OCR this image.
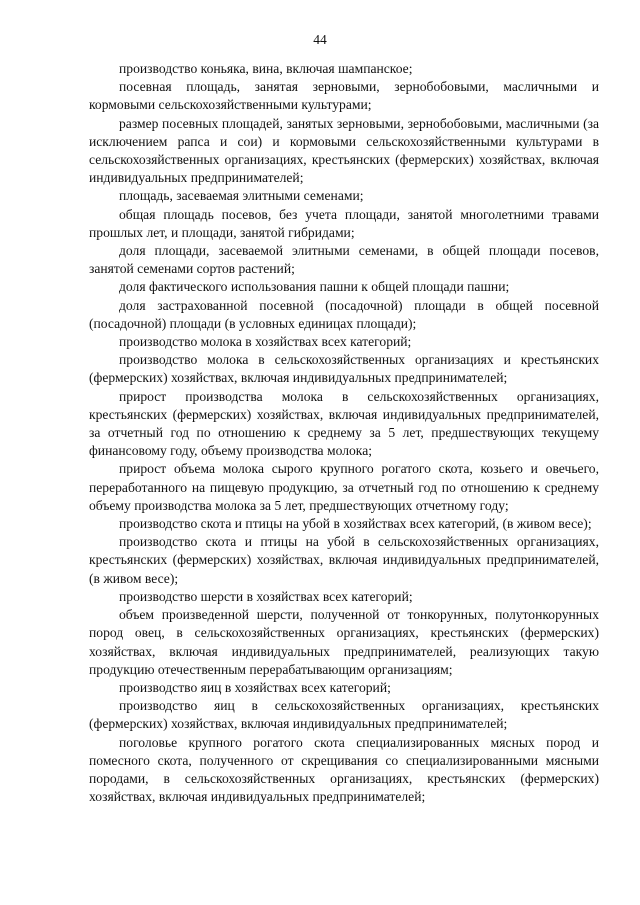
44

производство коньяка, вина, включая шампанское;

посевная площадь, занятая зерновыми, зернобобовыми, масличными и кормовыми сельскохозяйственными культурами;

размер посевных площадей, занятых зерновыми, зернобобовыми, масличными (за исключением рапса и сои) и кормовыми сельскохозяйственными культурами в сельскохозяйственных организациях, крестьянских (фермерских) хозяйствах, включая индивидуальных предпринимателей;

площадь, засеваемая элитными семенами;

общая площадь посевов, без учета площади, занятой многолетними травами прошлых лет, и площади, занятой гибридами;

доля площади, засеваемой элитными семенами, в общей площади посевов, занятой семенами сортов растений;

доля фактического использования пашни к общей площади пашни;

доля застрахованной посевной (посадочной) площади в общей посевной (посадочной) площади (в условных единицах площади);

производство молока в хозяйствах всех категорий;

производство молока в сельскохозяйственных организациях и крестьянских (фермерских) хозяйствах, включая индивидуальных предпринимателей;

прирост производства молока в сельскохозяйственных организациях, крестьянских (фермерских) хозяйствах, включая индивидуальных предпринимателей, за отчетный год по отношению к среднему за 5 лет, предшествующих текущему финансовому году, объему производства молока;

прирост объема молока сырого крупного рогатого скота, козьего и овечьего, переработанного на пищевую продукцию, за отчетный год по отношению к среднему объему производства молока за 5 лет, предшествующих отчетному году;

производство скота и птицы на убой в хозяйствах всех категорий, (в живом весе);

производство скота и птицы на убой в сельскохозяйственных организациях, крестьянских (фермерских) хозяйствах, включая индивидуальных предпринимателей, (в живом весе);

производство шерсти в хозяйствах всех категорий;

объем произведенной шерсти, полученной от тонкорунных, полутонкорунных пород овец, в сельскохозяйственных организациях, крестьянских (фермерских) хозяйствах, включая индивидуальных предпринимателей, реализующих такую продукцию отечественным перерабатывающим организациям;

производство яиц в хозяйствах всех категорий;

производство яиц в сельскохозяйственных организациях, крестьянских (фермерских) хозяйствах, включая индивидуальных предпринимателей;

поголовье крупного рогатого скота специализированных мясных пород и помесного скота, полученного от скрещивания со специализированными мясными породами, в сельскохозяйственных организациях, крестьянских (фермерских) хозяйствах, включая индивидуальных предпринимателей;
